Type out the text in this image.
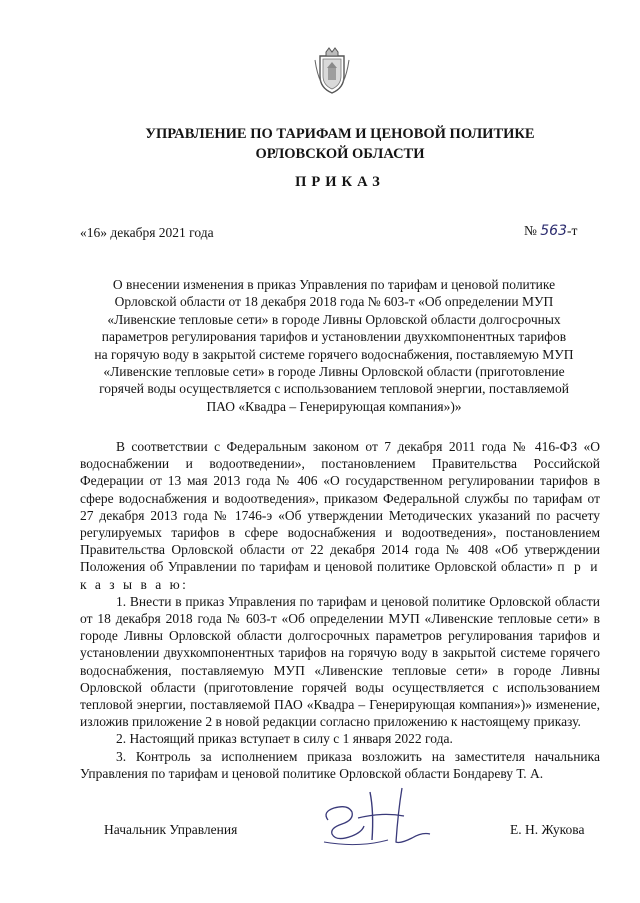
УПРАВЛЕНИЕ ПО ТАРИФАМ И ЦЕНОВОЙ ПОЛИТИКЕ
ОРЛОВСКОЙ ОБЛАСТИ
ПРИКАЗ
«16» декабря 2021 года	№ 563-т
О внесении изменения в приказ Управления по тарифам и ценовой политике
Орловской области от 18 декабря 2018 года № 603-т «Об определении МУП
«Ливенские тепловые сети» в городе Ливны Орловской области долгосрочных
параметров регулирования тарифов и установлении двухкомпонентных тарифов
на горячую воду в закрытой системе горячего водоснабжения, поставляемую МУП
«Ливенские тепловые сети» в городе Ливны Орловской области (приготовление
горячей воды осуществляется с использованием тепловой энергии, поставляемой
ПАО «Квадра – Генерирующая компания»)»

В соответствии с Федеральным законом от 7 декабря 2011 года № 416-ФЗ «О водоснабжении и водоотведении», постановлением Правительства Российской Федерации от 13 мая 2013 года № 406 «О государственном регулировании тарифов в сфере водоснабжения и водоотведения», приказом Федеральной службы по тарифам от 27 декабря 2013 года № 1746-э «Об утверждении Методических указаний по расчету регулируемых тарифов в сфере водоснабжения и водоотведения», постановлением Правительства Орловской области от 22 декабря 2014 года № 408 «Об утверждении Положения об Управлении по тарифам и ценовой политике Орловской области» п р и к а з ы в а ю:

1. Внести в приказ Управления по тарифам и ценовой политике Орловской области от 18 декабря 2018 года № 603-т «Об определении МУП «Ливенские тепловые сети» в городе Ливны Орловской области долгосрочных параметров регулирования тарифов и установлении двухкомпонентных тарифов на горячую воду в закрытой системе горячего водоснабжения, поставляемую МУП «Ливенские тепловые сети» в городе Ливны Орловской области (приготовление горячей воды осуществляется с использованием тепловой энергии, поставляемой ПАО «Квадра – Генерирующая компания»)» изменение, изложив приложение 2 в новой редакции согласно приложению к настоящему приказу.

2. Настоящий приказ вступает в силу с 1 января 2022 года.

3. Контроль за исполнением приказа возложить на заместителя начальника Управления по тарифам и ценовой политике Орловской области Бондареву Т. А.

Начальник Управления	Е. Н. Жукова
